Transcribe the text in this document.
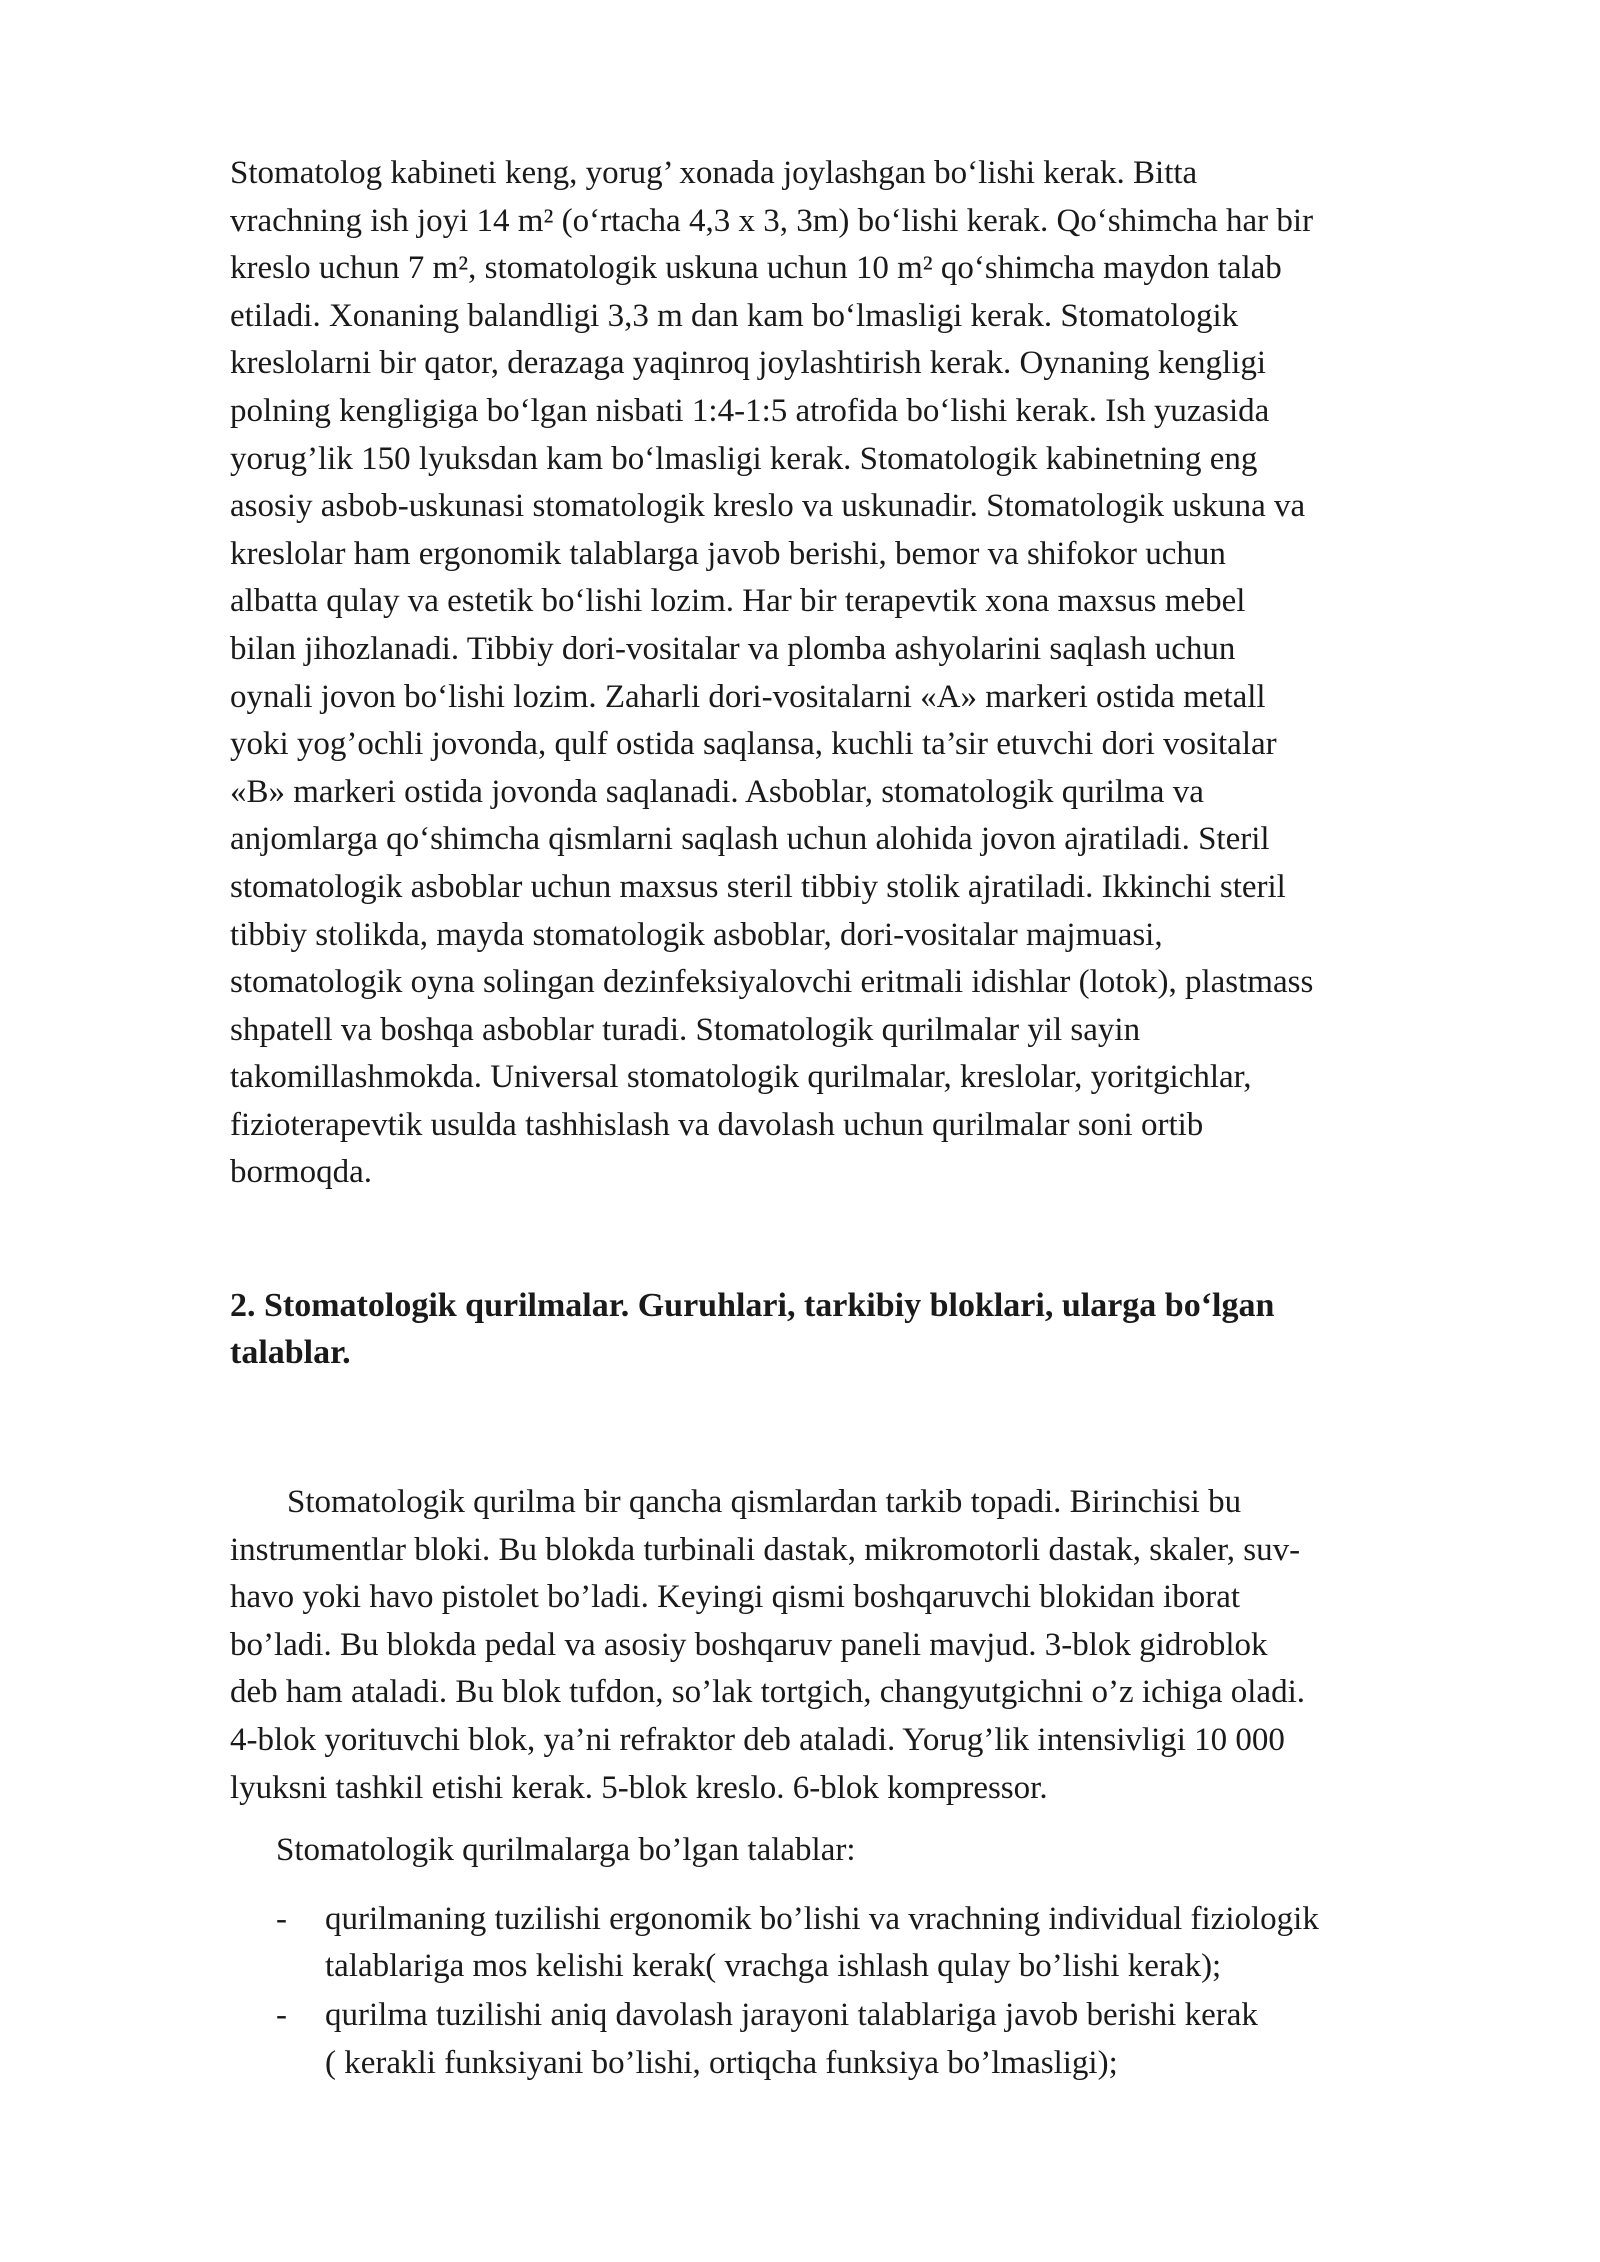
Stomatolog kabineti keng, yorug’ xonada joylashgan bo‘lishi kerak. Bitta
vrachning ish joyi 14 m² (o‘rtacha 4,3 x 3, 3m) bo‘lishi kerak. Qo‘shimcha har bir
kreslo uchun 7 m², stomatologik uskuna uchun 10 m² qo‘shimcha maydon talab
etiladi. Xonaning balandligi 3,3 m dan kam bo‘lmasligi kerak. Stomatologik
kreslolarni bir qator, derazaga yaqinroq joylashtirish kerak. Oynaning kengligi
polning kengligiga bo‘lgan nisbati 1:4-1:5 atrofida bo‘lishi kerak. Ish yuzasida
yorug’lik 150 lyuksdan kam bo‘lmasligi kerak. Stomatologik kabinetning eng
asosiy asbob-uskunasi stomatologik kreslo va uskunadir. Stomatologik uskuna va
kreslolar ham ergonomik talablarga javob berishi, bemor va shifokor uchun
albatta qulay va estetik bo‘lishi lozim. Har bir terapevtik xona maxsus mebel
bilan jihozlanadi. Tibbiy dori-vositalar va plomba ashyolarini saqlash uchun
oynali jovon bo‘lishi lozim. Zaharli dori-vositalarni «A» markeri ostida metall
yoki yog’ochli jovonda, qulf ostida saqlansa, kuchli ta’sir etuvchi dori vositalar
«B» markeri ostida jovonda saqlanadi. Asboblar, stomatologik qurilma va
anjomlarga qo‘shimcha qismlarni saqlash uchun alohida jovon ajratiladi. Steril
stomatologik asboblar uchun maxsus steril tibbiy stolik ajratiladi. Ikkinchi steril
tibbiy stolikda, mayda stomatologik asboblar, dori-vositalar majmuasi,
stomatologik oyna solingan dezinfeksiyalovchi eritmali idishlar (lotok), plastmass
shpatell va boshqa asboblar turadi. Stomatologik qurilmalar yil sayin
takomillashmokda. Universal stomatologik qurilmalar, kreslolar, yoritgichlar,
fizioterapevtik usulda tashhislash va davolash uchun qurilmalar soni ortib
bormoqda.

2. Stomatologik qurilmalar. Guruhlari, tarkibiy bloklari, ularga bo‘lgan
talablar.

Stomatologik qurilma bir qancha qismlardan tarkib topadi. Birinchisi bu
instrumentlar bloki. Bu blokda turbinali dastak, mikromotorli dastak, skaler, suv-
havo yoki havo pistolet bo’ladi. Keyingi qismi boshqaruvchi blokidan iborat
bo’ladi. Bu blokda pedal va asosiy boshqaruv paneli mavjud. 3-blok gidroblok
deb ham ataladi. Bu blok tufdon, so’lak tortgich, changyutgichni o’z ichiga oladi.
4-blok yorituvchi blok, ya’ni refraktor deb ataladi. Yorug’lik intensivligi 10 000
lyuksni tashkil etishi kerak. 5-blok kreslo. 6-blok kompressor.

Stomatologik qurilmalarga bo’lgan talablar:

- qurilmaning tuzilishi ergonomik bo’lishi va vrachning individual fiziologik
talablariga mos kelishi kerak( vrachga ishlash qulay bo’lishi kerak);
- qurilma tuzilishi aniq davolash jarayoni talablariga javob berishi kerak
( kerakli funksiyani bo’lishi, ortiqcha funksiya bo’lmasligi);
